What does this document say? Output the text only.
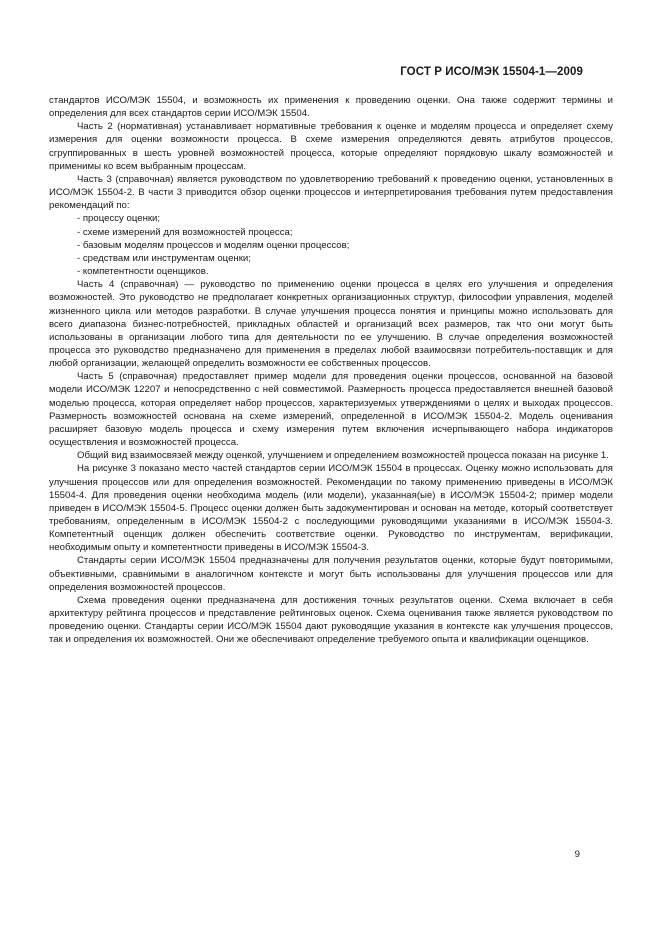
ГОСТ Р ИСО/МЭК 15504-1—2009

стандартов ИСО/МЭК 15504, и возможность их применения к проведению оценки. Она также содержит термины и определения для всех стандартов серии ИСО/МЭК 15504.

Часть 2 (нормативная) устанавливает нормативные требования к оценке и моделям процесса и определяет схему измерения для оценки возможности процесса. В схеме измерения определяются девять атрибутов процессов, сгруппированных в шесть уровней возможностей процесса, которые определяют порядковую шкалу возможностей и применимы ко всем выбранным процессам.

Часть 3 (справочная) является руководством по удовлетворению требований к проведению оценки, установленных в ИСО/МЭК 15504-2. В части 3 приводится обзор оценки процессов и интерпретирования требования путем предоставления рекомендаций по:

- процессу оценки;

- схеме измерений для возможностей процесса;

- базовым моделям процессов и моделям оценки процессов;

- средствам или инструментам оценки;

- компетентности оценщиков.

Часть 4 (справочная) — руководство по применению оценки процесса в целях его улучшения и определения возможностей. Это руководство не предполагает конкретных организационных структур, философии управления, моделей жизненного цикла или методов разработки. В случае улучшения процесса понятия и принципы можно использовать для всего диапазона бизнес-потребностей, прикладных областей и организаций всех размеров, так что они могут быть использованы в организации любого типа для деятельности по ее улучшению. В случае определения возможностей процесса это руководство предназначено для применения в пределах любой взаимосвязи потребитель-поставщик и для любой организации, желающей определить возможности ее собственных процессов.

Часть 5 (справочная) предоставляет пример модели для проведения оценки процессов, основанной на базовой модели ИСО/МЭК 12207 и непосредственно с ней совместимой. Размерность процесса предоставляется внешней базовой моделью процесса, которая определяет набор процессов, характеризуемых утверждениями о целях и выходах процессов. Размерность возможностей основана на схеме измерений, определенной в ИСО/МЭК 15504-2. Модель оценивания расширяет базовую модель процесса и схему измерения путем включения исчерпывающего набора индикаторов осуществления и возможностей процесса.

Общий вид взаимосвязей между оценкой, улучшением и определением возможностей процесса показан на рисунке 1.

На рисунке 3 показано место частей стандартов серии ИСО/МЭК 15504 в процессах. Оценку можно использовать для улучшения процессов или для определения возможностей. Рекомендации по такому применению приведены в ИСО/МЭК 15504-4. Для проведения оценки необходима модель (или модели), указанная(ые) в ИСО/МЭК 15504-2; пример модели приведен в ИСО/МЭК 15504-5. Процесс оценки должен быть задокументирован и основан на методе, который соответствует требованиям, определенным в ИСО/МЭК 15504-2 с последующими руководящими указаниями в ИСО/МЭК 15504-3. Компетентный оценщик должен обеспечить соответствие оценки. Руководство по инструментам, верификации, необходимым опыту и компетентности приведены в ИСО/МЭК 15504-3.

Стандарты серии ИСО/МЭК 15504 предназначены для получения результатов оценки, которые будут повторимыми, объективными, сравнимыми в аналогичном контексте и могут быть использованы для улучшения процессов или для определения возможностей процессов.

Схема проведения оценки предназначена для достижения точных результатов оценки. Схема включает в себя архитектуру рейтинга процессов и представление рейтинговых оценок. Схема оценивания также является руководством по проведению оценки. Стандарты серии ИСО/МЭК 15504 дают руководящие указания в контексте как улучшения процессов, так и определения их возможностей. Они же обеспечивают определение требуемого опыта и квалификации оценщиков.

9
